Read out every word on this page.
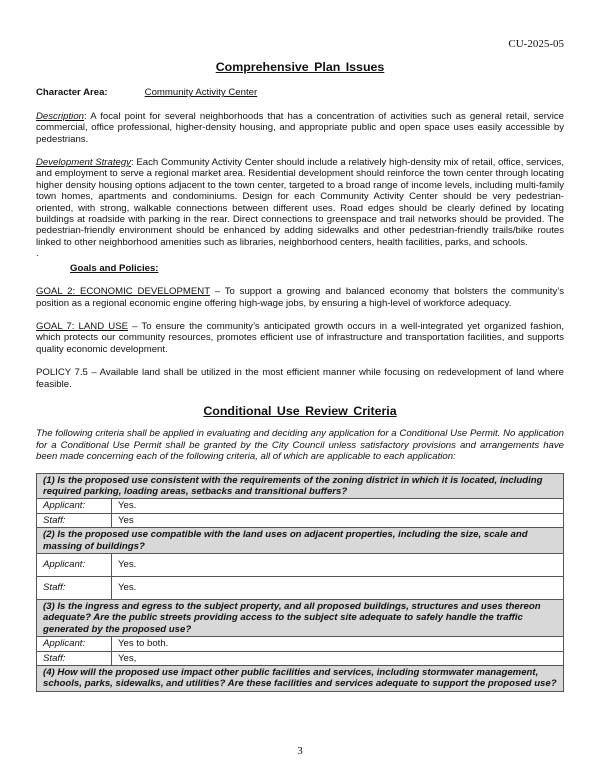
CU-2025-05
Comprehensive Plan Issues
Character Area:	Community Activity Center

Description: A focal point for several neighborhoods that has a concentration of activities such as general retail, service commercial, office professional, higher-density housing, and appropriate public and open space uses easily accessible by pedestrians.

Development Strategy: Each Community Activity Center should include a relatively high-density mix of retail, office, services, and employment to serve a regional market area. Residential development should reinforce the town center through locating higher density housing options adjacent to the town center, targeted to a broad range of income levels, including multi-family town homes, apartments and condominiums. Design for each Community Activity Center should be very pedestrian-oriented, with strong, walkable connections between different uses. Road edges should be clearly defined by locating buildings at roadside with parking in the rear. Direct connections to greenspace and trail networks should be provided. The pedestrian-friendly environment should be enhanced by adding sidewalks and other pedestrian-friendly trails/bike routes linked to other neighborhood amenities such as libraries, neighborhood centers, health facilities, parks, and schools.

.
Goals and Policies:

GOAL 2: ECONOMIC DEVELOPMENT – To support a growing and balanced economy that bolsters the community’s position as a regional economic engine offering high-wage jobs, by ensuring a high-level of workforce adequacy.

GOAL 7: LAND USE – To ensure the community’s anticipated growth occurs in a well-integrated yet organized fashion, which protects our community resources, promotes efficient use of infrastructure and transportation facilities, and supports quality economic development.

POLICY 7.5 – Available land shall be utilized in the most efficient manner while focusing on redevelopment of land where feasible.

Conditional Use Review Criteria

The following criteria shall be applied in evaluating and deciding any application for a Conditional Use Permit. No application for a Conditional Use Permit shall be granted by the City Council unless satisfactory provisions and arrangements have been made concerning each of the following criteria, all of which are applicable to each application:

(1) Is the proposed use consistent with the requirements of the zoning district in which it is located, including required parking, loading areas, setbacks and transitional buffers?	
Applicant:	Yes.
Staff:	Yes
(2) Is the proposed use compatible with the land uses on adjacent properties, including the size, scale and massing of buildings?	
Applicant:	Yes.
Staff:	Yes.
(3) Is the ingress and egress to the subject property, and all proposed buildings, structures and uses thereon adequate? Are the public streets providing access to the subject site adequate to safely handle the traffic generated by the proposed use?	
Applicant:	Yes to both.
Staff:	Yes,
(4) How will the proposed use impact other public facilities and services, including stormwater management, schools, parks, sidewalks, and utilities? Are these facilities and services adequate to support the proposed use?	
3
